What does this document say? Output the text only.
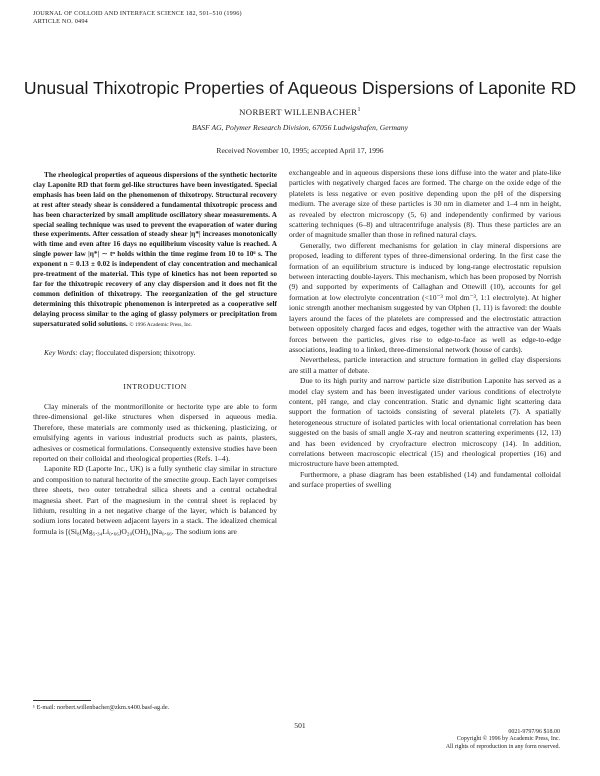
JOURNAL OF COLLOID AND INTERFACE SCIENCE 182, 501–510 (1996)
ARTICLE NO. 0494
Unusual Thixotropic Properties of Aqueous Dispersions of Laponite RD
NORBERT WILLENBACHER$^1$
BASF AG, Polymer Research Division, 67056 Ludwigshafen, Germany
Received November 10, 1995; accepted April 17, 1996

The rheological properties of aqueous dispersions of the synthetic hectorite clay Laponite RD that form gel-like structures have been investigated. Special emphasis has been laid on the phenomenon of thixotropy. Structural recovery at rest after steady shear is considered a fundamental thixotropic process and has been characterized by small amplitude oscillatory shear measurements. A special sealing technique was used to prevent the evaporation of water during these experiments. After cessation of steady shear |η*| increases monotonically with time and even after 16 days no equilibrium viscosity value is reached. A single power law |η*| ∼ tⁿ holds within the time regime from 10 to 10⁶ s. The exponent n = 0.13 ± 0.02 is independent of clay concentration and mechanical pre-treatment of the material. This type of kinetics has not been reported so far for the thixotropic recovery of any clay dispersion and it does not fit the common definition of thixotropy. The reorganization of the gel structure determining this thixotropic phenomenon is interpreted as a cooperative self delaying process similar to the aging of glassy polymers or precipitation from supersaturated solid solutions. © 1996 Academic Press, Inc.

Key Words: clay; flocculated dispersion; thixotropy.

INTRODUCTION

Clay minerals of the montmorillonite or hectorite type are able to form three-dimensional gel-like structures when dispersed in aqueous media. Therefore, these materials are commonly used as thickening, plasticizing, or emulsifying agents in various industrial products such as paints, plasters, adhesives or cosmetical formulations. Consequently extensive studies have been reported on their colloidal and rheological properties (Refs. 1–4).

Laponite RD (Laporte Inc., UK) is a fully synthetic clay similar in structure and composition to natural hectorite of the smectite group. Each layer comprises three sheets, two outer tetrahedral silica sheets and a central octahedral magnesia sheet. Part of the magnesium in the central sheet is replaced by lithium, resulting in a net negative charge of the layer, which is balanced by sodium ions located between adjacent layers in a stack. The idealized chemical formula is [(Si₈(Mg₅.₃₄Li₀.₆₆)O₂₀(OH)₄]Na₀.₆₆. The sodium ions are

exchangeable and in aqueous dispersions these ions diffuse into the water and plate-like particles with negatively charged faces are formed. The charge on the oxide edge of the platelets is less negative or even positive depending upon the pH of the dispersing medium. The average size of these particles is 30 nm in diameter and 1–4 nm in height, as revealed by electron microscopy (5, 6) and independently confirmed by various scattering techniques (6–8) and ultracentrifuge analysis (8). Thus these particles are an order of magnitude smaller than those in refined natural clays.

Generally, two different mechanisms for gelation in clay mineral dispersions are proposed, leading to different types of three-dimensional ordering. In the first case the formation of an equilibrium structure is induced by long-range electrostatic repulsion between interacting double-layers. This mechanism, which has been proposed by Norrish (9) and supported by experiments of Callaghan and Ottewill (10), accounts for gel formation at low electrolyte concentration (<10⁻³ mol dm⁻³, 1:1 electrolyte). At higher ionic strength another mechanism suggested by van Olphen (1, 11) is favored: the double layers around the faces of the platelets are compressed and the electrostatic attraction between oppositely charged faces and edges, together with the attractive van der Waals forces between the particles, gives rise to edge-to-face as well as edge-to-edge associations, leading to a linked, three-dimensional network (house of cards).

Nevertheless, particle interaction and structure formation in gelled clay dispersions are still a matter of debate.

Due to its high purity and narrow particle size distribution Laponite has served as a model clay system and has been investigated under various conditions of electrolyte content, pH range, and clay concentration. Static and dynamic light scattering data support the formation of tactoids consisting of several platelets (7). A spatially heterogeneous structure of isolated particles with local orientational correlation has been suggested on the basis of small angle X-ray and neutron scattering experiments (12, 13) and has been evidenced by cryofracture electron microscopy (14). In addition, correlations between macroscopic electrical (15) and rheological properties (16) and microstructure have been attempted.

Furthermore, a phase diagram has been established (14) and fundamental colloidal and surface properties of swelling

¹ E-mail: norbert.willenbacher@zkm.x400.basf-ag.de.
501
0021-9797/96 $18.00
Copyright © 1996 by Academic Press, Inc.
All rights of reproduction in any form reserved.
